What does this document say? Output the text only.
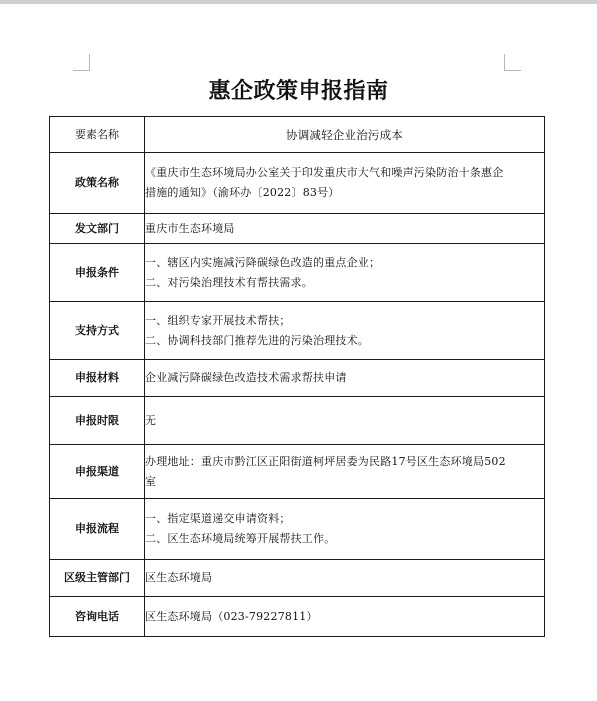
惠企政策申报指南
要素名称	协调减轻企业治污成本
政策名称	《重庆市生态环境局办公室关于印发重庆市大气和噪声污染防治十条惠企
措施的通知》（渝环办〔2022〕83号）

发文部门	重庆市生态环境局
申报条件	一、辖区内实施减污降碳绿色改造的重点企业；
二、对污染治理技术有帮扶需求。

支持方式	一、组织专家开展技术帮扶；
二、协调科技部门推荐先进的污染治理技术。

申报材料	企业减污降碳绿色改造技术需求帮扶申请
申报时限	无
申报渠道	办理地址：重庆市黔江区正阳街道柯坪居委为民路17号区生态环境局502
室

申报流程	一、指定渠道递交申请资料；
二、区生态环境局统筹开展帮扶工作。

区级主管部门	区生态环境局
咨询电话	区生态环境局（023-79227811）
